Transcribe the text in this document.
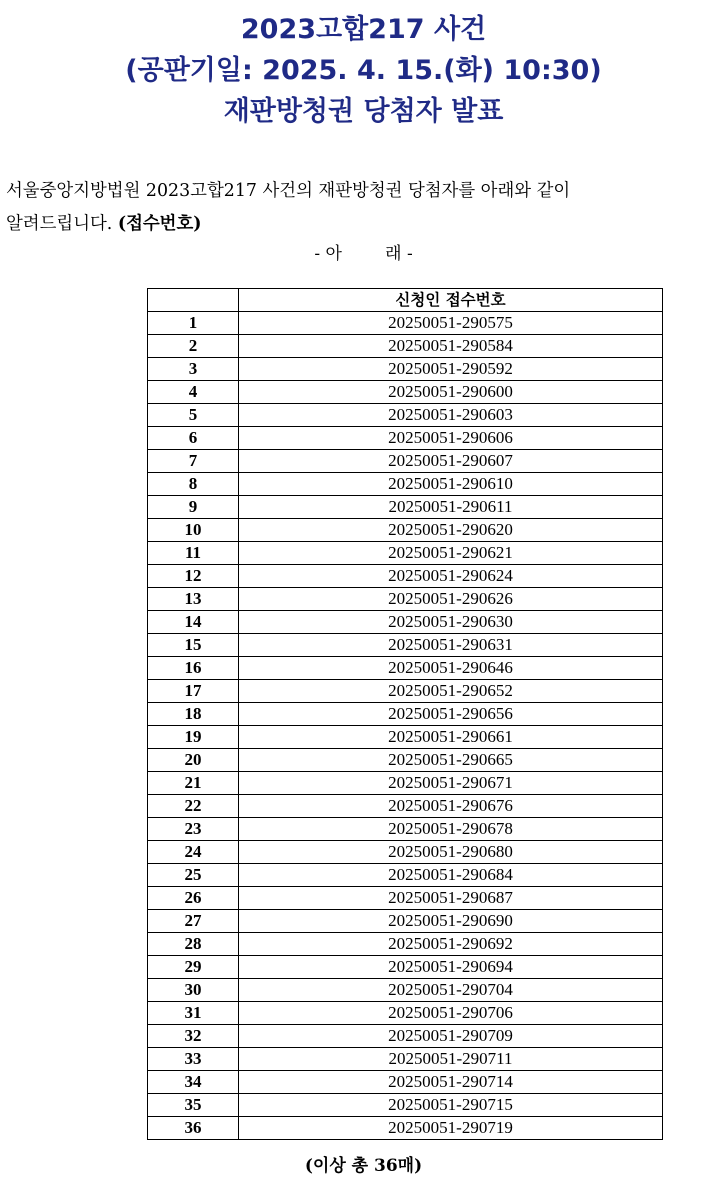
2023고합217 사건
(공판기일: 2025. 4. 15.(화) 10:30)
재판방청권 당첨자 발표
서울중앙지방법원 2023고합217 사건의 재판방청권 당첨자를 아래와 같이
알려드립니다. (접수번호)
- 아        래 -
	신청인 접수번호
1	20250051-290575
2	20250051-290584
3	20250051-290592
4	20250051-290600
5	20250051-290603
6	20250051-290606
7	20250051-290607
8	20250051-290610
9	20250051-290611
10	20250051-290620
11	20250051-290621
12	20250051-290624
13	20250051-290626
14	20250051-290630
15	20250051-290631
16	20250051-290646
17	20250051-290652
18	20250051-290656
19	20250051-290661
20	20250051-290665
21	20250051-290671
22	20250051-290676
23	20250051-290678
24	20250051-290680
25	20250051-290684
26	20250051-290687
27	20250051-290690
28	20250051-290692
29	20250051-290694
30	20250051-290704
31	20250051-290706
32	20250051-290709
33	20250051-290711
34	20250051-290714
35	20250051-290715
36	20250051-290719
(이상 총 36매)
